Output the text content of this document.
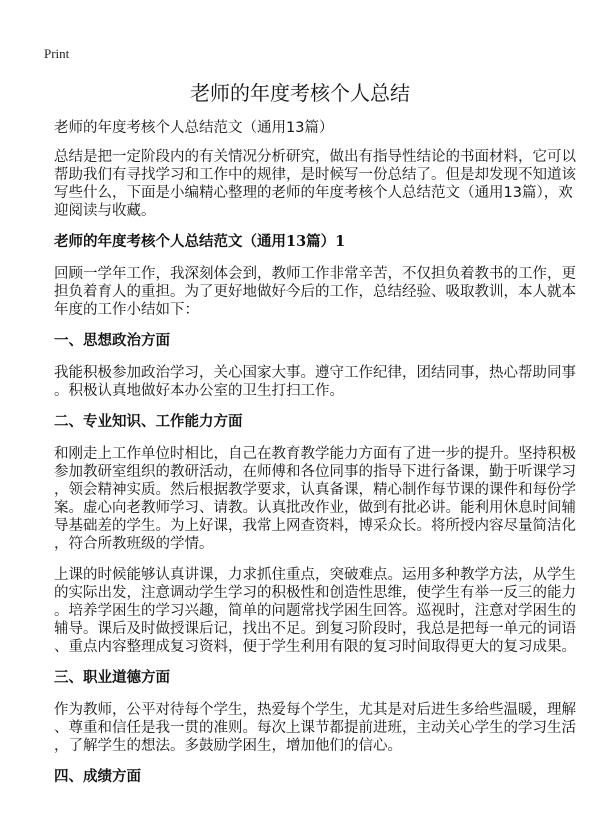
Print
老师的年度考核个人总结

老师的年度考核个人总结范文（通用13篇）

总结是把一定阶段内的有关情况分析研究，做出有指导性结论的书面材料，它可以
帮助我们有寻找学习和工作中的规律，是时候写一份总结了。但是却发现不知道该
写些什么，下面是小编精心整理的老师的年度考核个人总结范文（通用13篇），欢
迎阅读与收藏。

老师的年度考核个人总结范文（通用13篇）1

回顾一学年工作，我深刻体会到，教师工作非常辛苦，不仅担负着教书的工作，更
担负着育人的重担。为了更好地做好今后的工作，总结经验、吸取教训，本人就本
年度的工作小结如下：

一、思想政治方面

我能积极参加政治学习，关心国家大事。遵守工作纪律，团结同事，热心帮助同事
。积极认真地做好本办公室的卫生打扫工作。

二、专业知识、工作能力方面

和刚走上工作单位时相比，自己在教育教学能力方面有了进一步的提升。坚持积极
参加教研室组织的教研活动，在师傅和各位同事的指导下进行备课，勤于听课学习
，领会精神实质。然后根据教学要求，认真备课，精心制作每节课的课件和每份学
案。虚心向老教师学习、请教。认真批改作业，做到有批必讲。能利用休息时间辅
导基础差的学生。为上好课，我常上网查资料，博采众长。将所授内容尽量简洁化
，符合所教班级的学情。

上课的时候能够认真讲课，力求抓住重点，突破难点。运用多种教学方法，从学生
的实际出发，注意调动学生学习的积极性和创造性思维，使学生有举一反三的能力
。培养学困生的学习兴趣，简单的问题常找学困生回答。巡视时，注意对学困生的
辅导。课后及时做授课后记，找出不足。到复习阶段时，我总是把每一单元的词语
、重点内容整理成复习资料，便于学生利用有限的复习时间取得更大的复习成果。

三、职业道德方面

作为教师，公平对待每个学生，热爱每个学生，尤其是对后进生多给些温暖，理解
、尊重和信任是我一贯的准则。每次上课节都提前进班，主动关心学生的学习生活
，了解学生的想法。多鼓励学困生，增加他们的信心。

四、成绩方面
